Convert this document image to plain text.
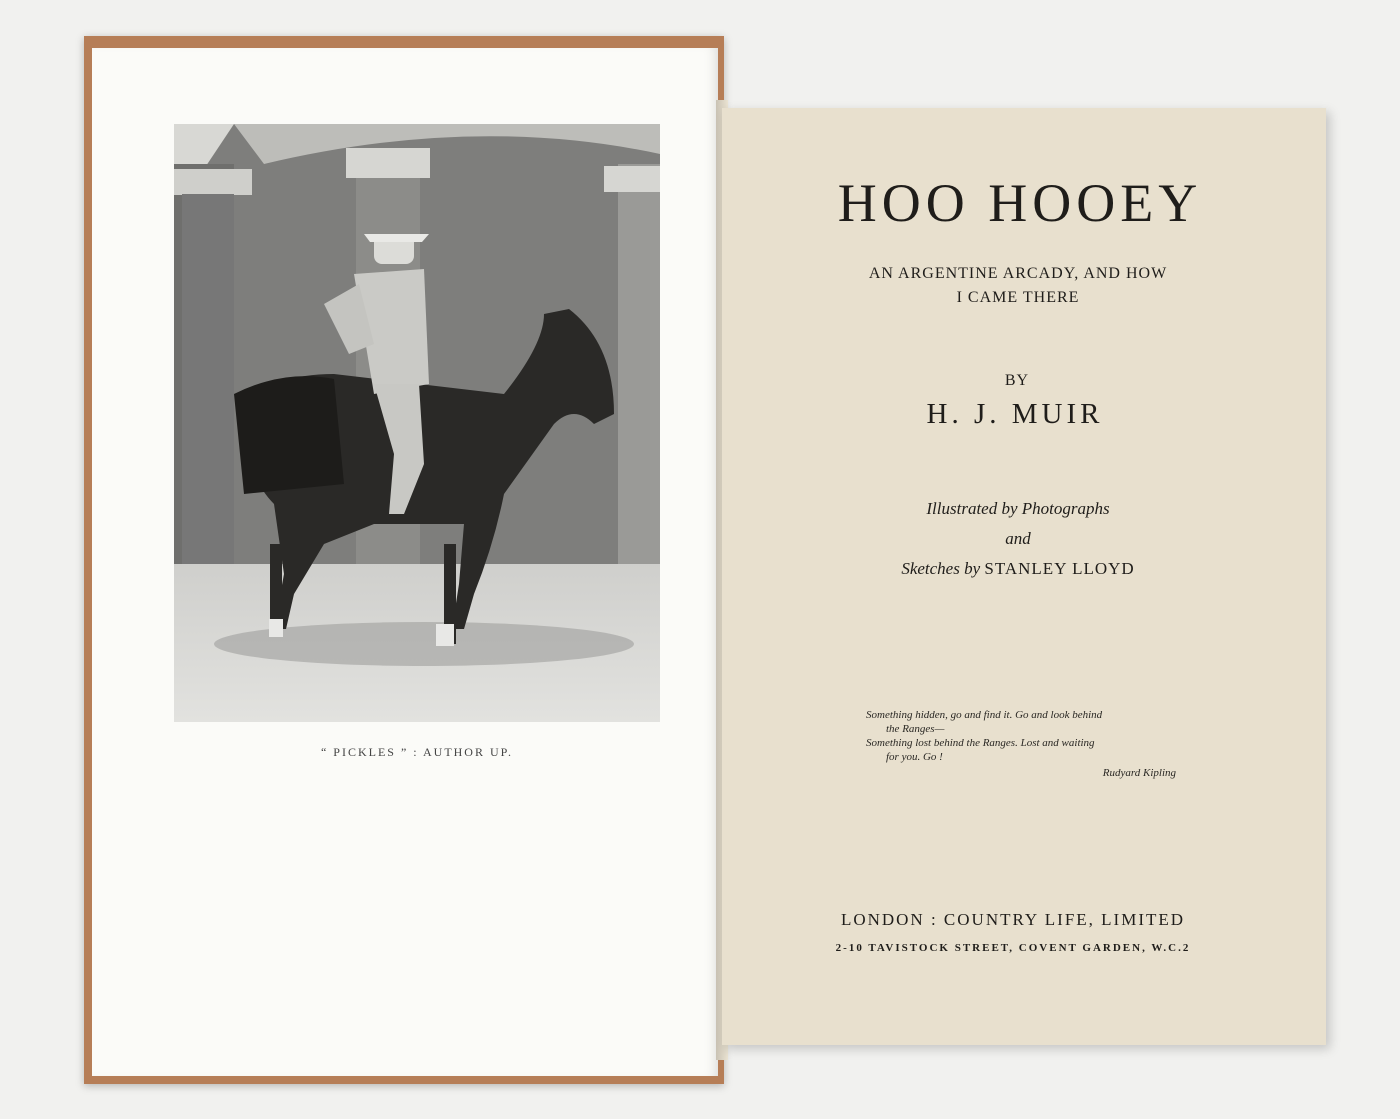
“ PICKLES ” : AUTHOR UP.
HOO HOOEY
AN ARGENTINE ARCADY, AND HOW
I CAME THERE
BY
H. J. MUIR
Illustrated by Photographs
and
Sketches by STANLEY LLOYD
Something hidden, go and find it. Go and look behind
the Ranges—
Something lost behind the Ranges. Lost and waiting
for you. Go !
Rudyard Kipling
LONDON : COUNTRY LIFE, LIMITED
2-10 TAVISTOCK STREET, COVENT GARDEN, W.C.2
